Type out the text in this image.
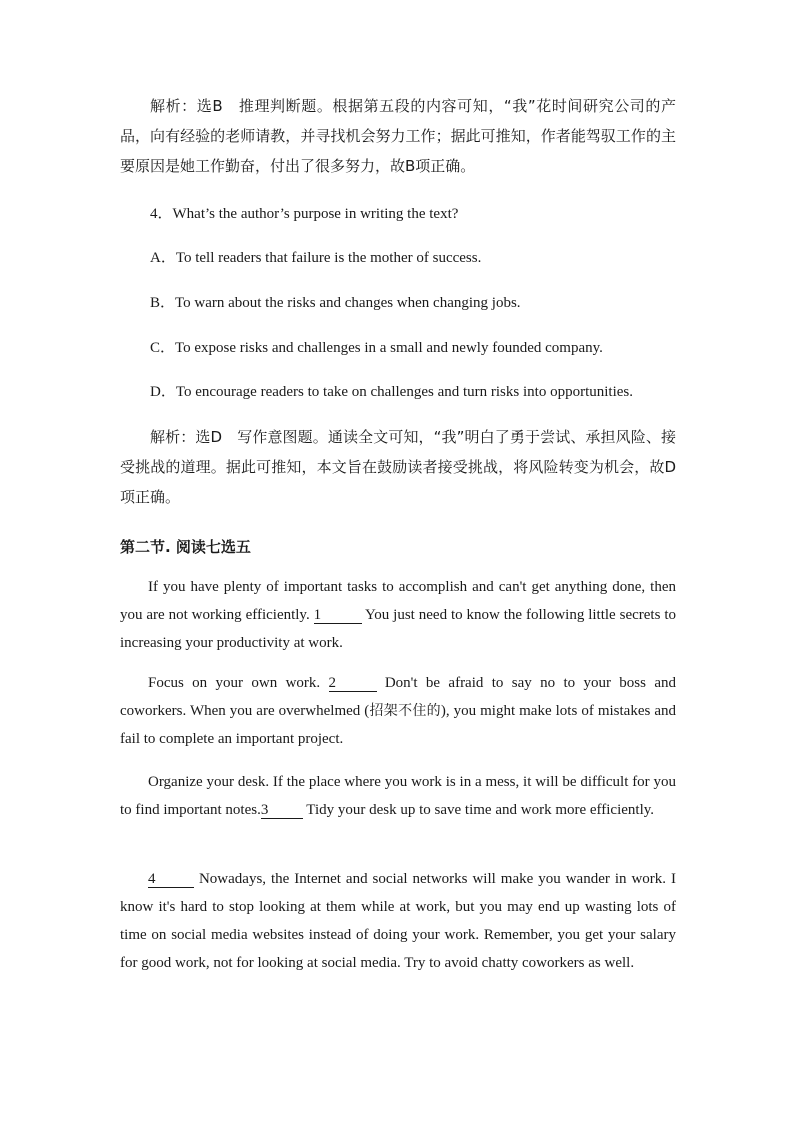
解析：选B　推理判断题。根据第五段的内容可知，“我”花时间研究公司的产品，向有经验的老师请教，并寻找机会努力工作；据此可推知，作者能驾驭工作的主要原因是她工作勤奋，付出了很多努力，故B项正确。

4．What’s the author’s purpose in writing the text?

A．To tell readers that failure is the mother of success.

B．To warn about the risks and changes when changing jobs.

C．To expose risks and challenges in a small and newly founded company.

D．To encourage readers to take on challenges and turn risks into opportunities.

解析：选D　写作意图题。通读全文可知，“我”明白了勇于尝试、承担风险、接受挑战的道理。据此可推知，本文旨在鼓励读者接受挑战，将风险转变为机会，故D项正确。

第二节. 阅读七选五

If you have plenty of important tasks to accomplish and can't get anything done, then you are not working efficiently. 1	You just need to know the following little secrets to increasing your productivity at work.

Focus on your own work. 2	Don't be afraid to say no to your boss and coworkers. When you are overwhelmed (招架不住的), you might make lots of mistakes and fail to complete an important project.

Organize your desk. If the place where you work is in a mess, it will be difficult for you to find important notes.3 Tidy your desk up to save time and work more efficiently.

4	Nowadays, the Internet and social networks will make you wander in work. I know it's hard to stop looking at them while at work, but you may end up wasting lots of time on social media websites instead of doing your work. Remember, you get your salary for good work, not for looking at social media. Try to avoid chatty coworkers as well.
